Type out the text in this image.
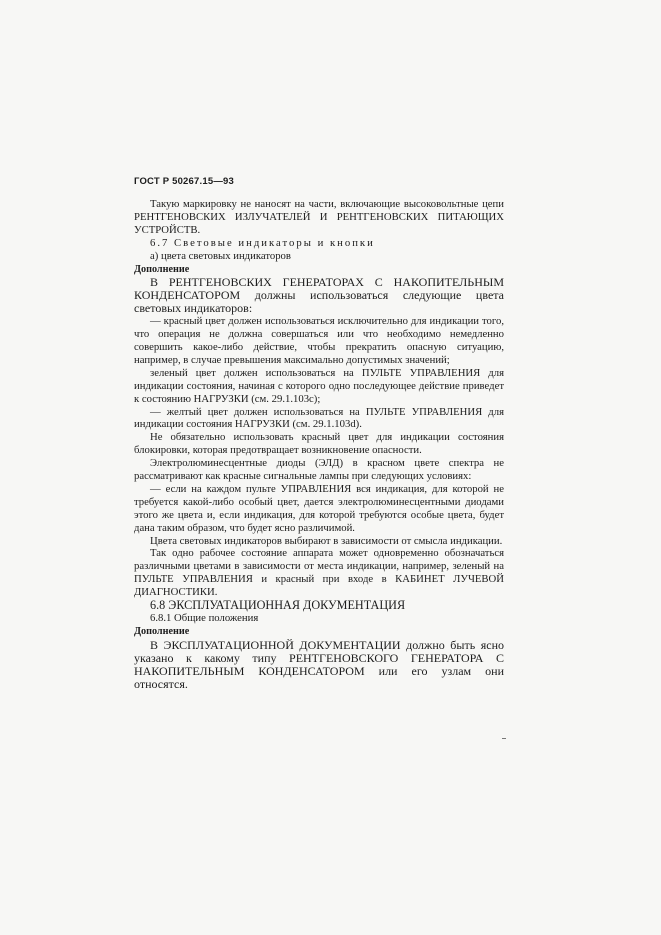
ГОСТ Р 50267.15—93

Такую маркировку не наносят на части, включающие высоковольтные цепи РЕНТГЕНОВСКИХ ИЗЛУЧАТЕЛЕЙ И РЕНТГЕНОВСКИХ ПИТАЮЩИХ УСТРОЙСТВ.

6.7 Световые индикаторы и кнопки

а) цвета световых индикаторов

Дополнение

В РЕНТГЕНОВСКИХ ГЕНЕРАТОРАХ С НАКОПИТЕЛЬНЫМ КОНДЕНСАТОРОМ должны использоваться следующие цвета световых индикаторов:

— красный цвет должен использоваться исключительно для индикации того, что операция не должна совершаться или что необходимо немедленно совершить какое-либо действие, чтобы прекратить опасную ситуацию, например, в случае превышения максимально допустимых значений;

зеленый цвет должен использоваться на ПУЛЬТЕ УПРАВЛЕНИЯ для индикации состояния, начиная с которого одно последующее действие приведет к состоянию НАГРУЗКИ (см. 29.1.103с);

— желтый цвет должен использоваться на ПУЛЬТЕ УПРАВЛЕНИЯ для индикации состояния НАГРУЗКИ (см. 29.1.103d).

Не обязательно использовать красный цвет для индикации состояния блокировки, которая предотвращает возникновение опасности.

Электролюминесцентные диоды (ЭЛД) в красном цвете спектра не рассматривают как красные сигнальные лампы при следующих условиях:

— если на каждом пульте УПРАВЛЕНИЯ вся индикация, для которой не требуется какой-либо особый цвет, дается электролюминесцентными диодами этого же цвета и, если индикация, для которой требуются особые цвета, будет дана таким образом, что будет ясно различимой.

Цвета световых индикаторов выбирают в зависимости от смысла индикации.

Так одно рабочее состояние аппарата может одновременно обозначаться различными цветами в зависимости от места индикации, например, зеленый на ПУЛЬТЕ УПРАВЛЕНИЯ и красный при входе в КАБИНЕТ ЛУЧЕВОЙ ДИАГНОСТИКИ.

6.8 ЭКСПЛУАТАЦИОННАЯ ДОКУМЕНТАЦИЯ

6.8.1 Общие положения

Дополнение

В ЭКСПЛУАТАЦИОННОЙ ДОКУМЕНТАЦИИ должно быть ясно указано к какому типу РЕНТГЕНОВСКОГО ГЕНЕРАТОРА С НАКОПИТЕЛЬНЫМ КОНДЕНСАТОРОМ или его узлам они относятся.
